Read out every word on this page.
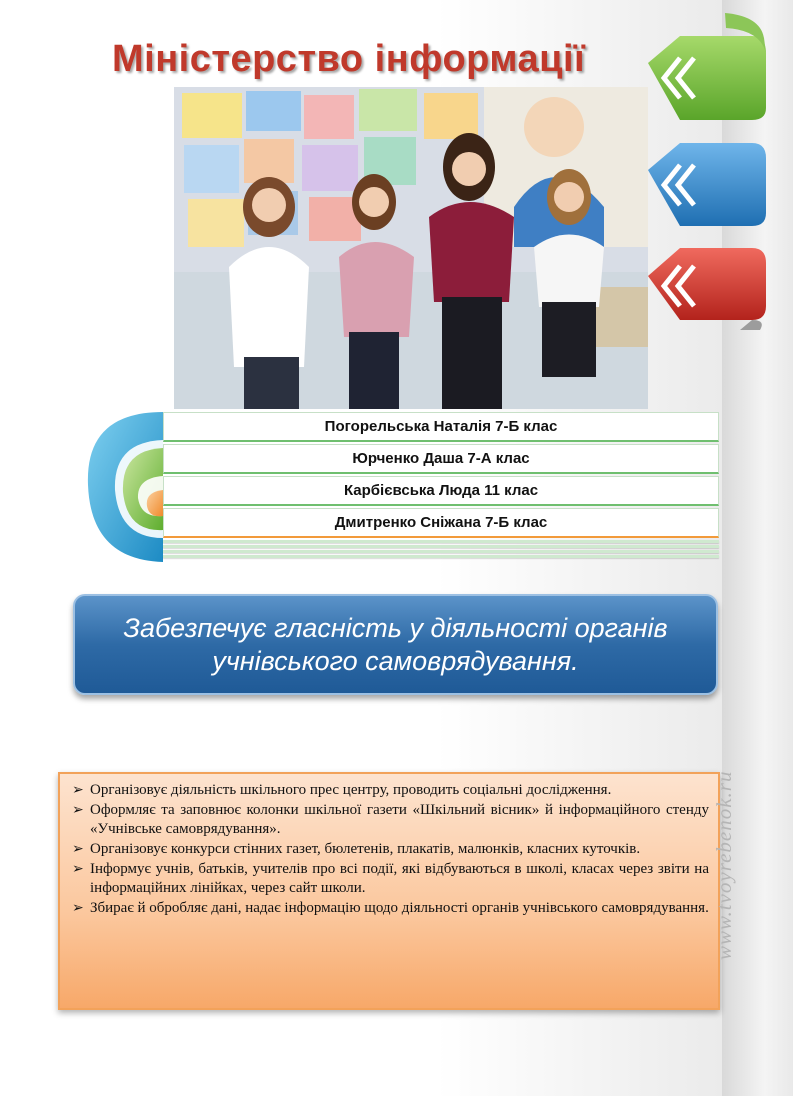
Міністерство інформації
Погорельська Наталія 7-Б клас
Юрченко Даша 7-А клас
Карбієвська Люда 11 клас
Дмитренко Сніжана 7-Б клас
Забезпечує гласність у діяльності органів учнівського самоврядування.
➢ Організовує діяльність шкільного прес центру, проводить соціальні дослідження.
➢ Оформляє та заповнює колонки шкільної газети «Шкільний вісник» й інформаційного стенду «Учнівське самоврядування».
➢ Організовує конкурси стінних газет, бюлетенів, плакатів, малюнків, класних куточків.
➢ Інформує учнів, батьків, учителів про всі події, які відбуваються в школі, класах через звіти на інформаційних лінійках, через сайт школи.
➢ Збирає й обробляє дані, надає інформацію щодо діяльності органів учнівського самоврядування. www.tvoyrebenok.ru
